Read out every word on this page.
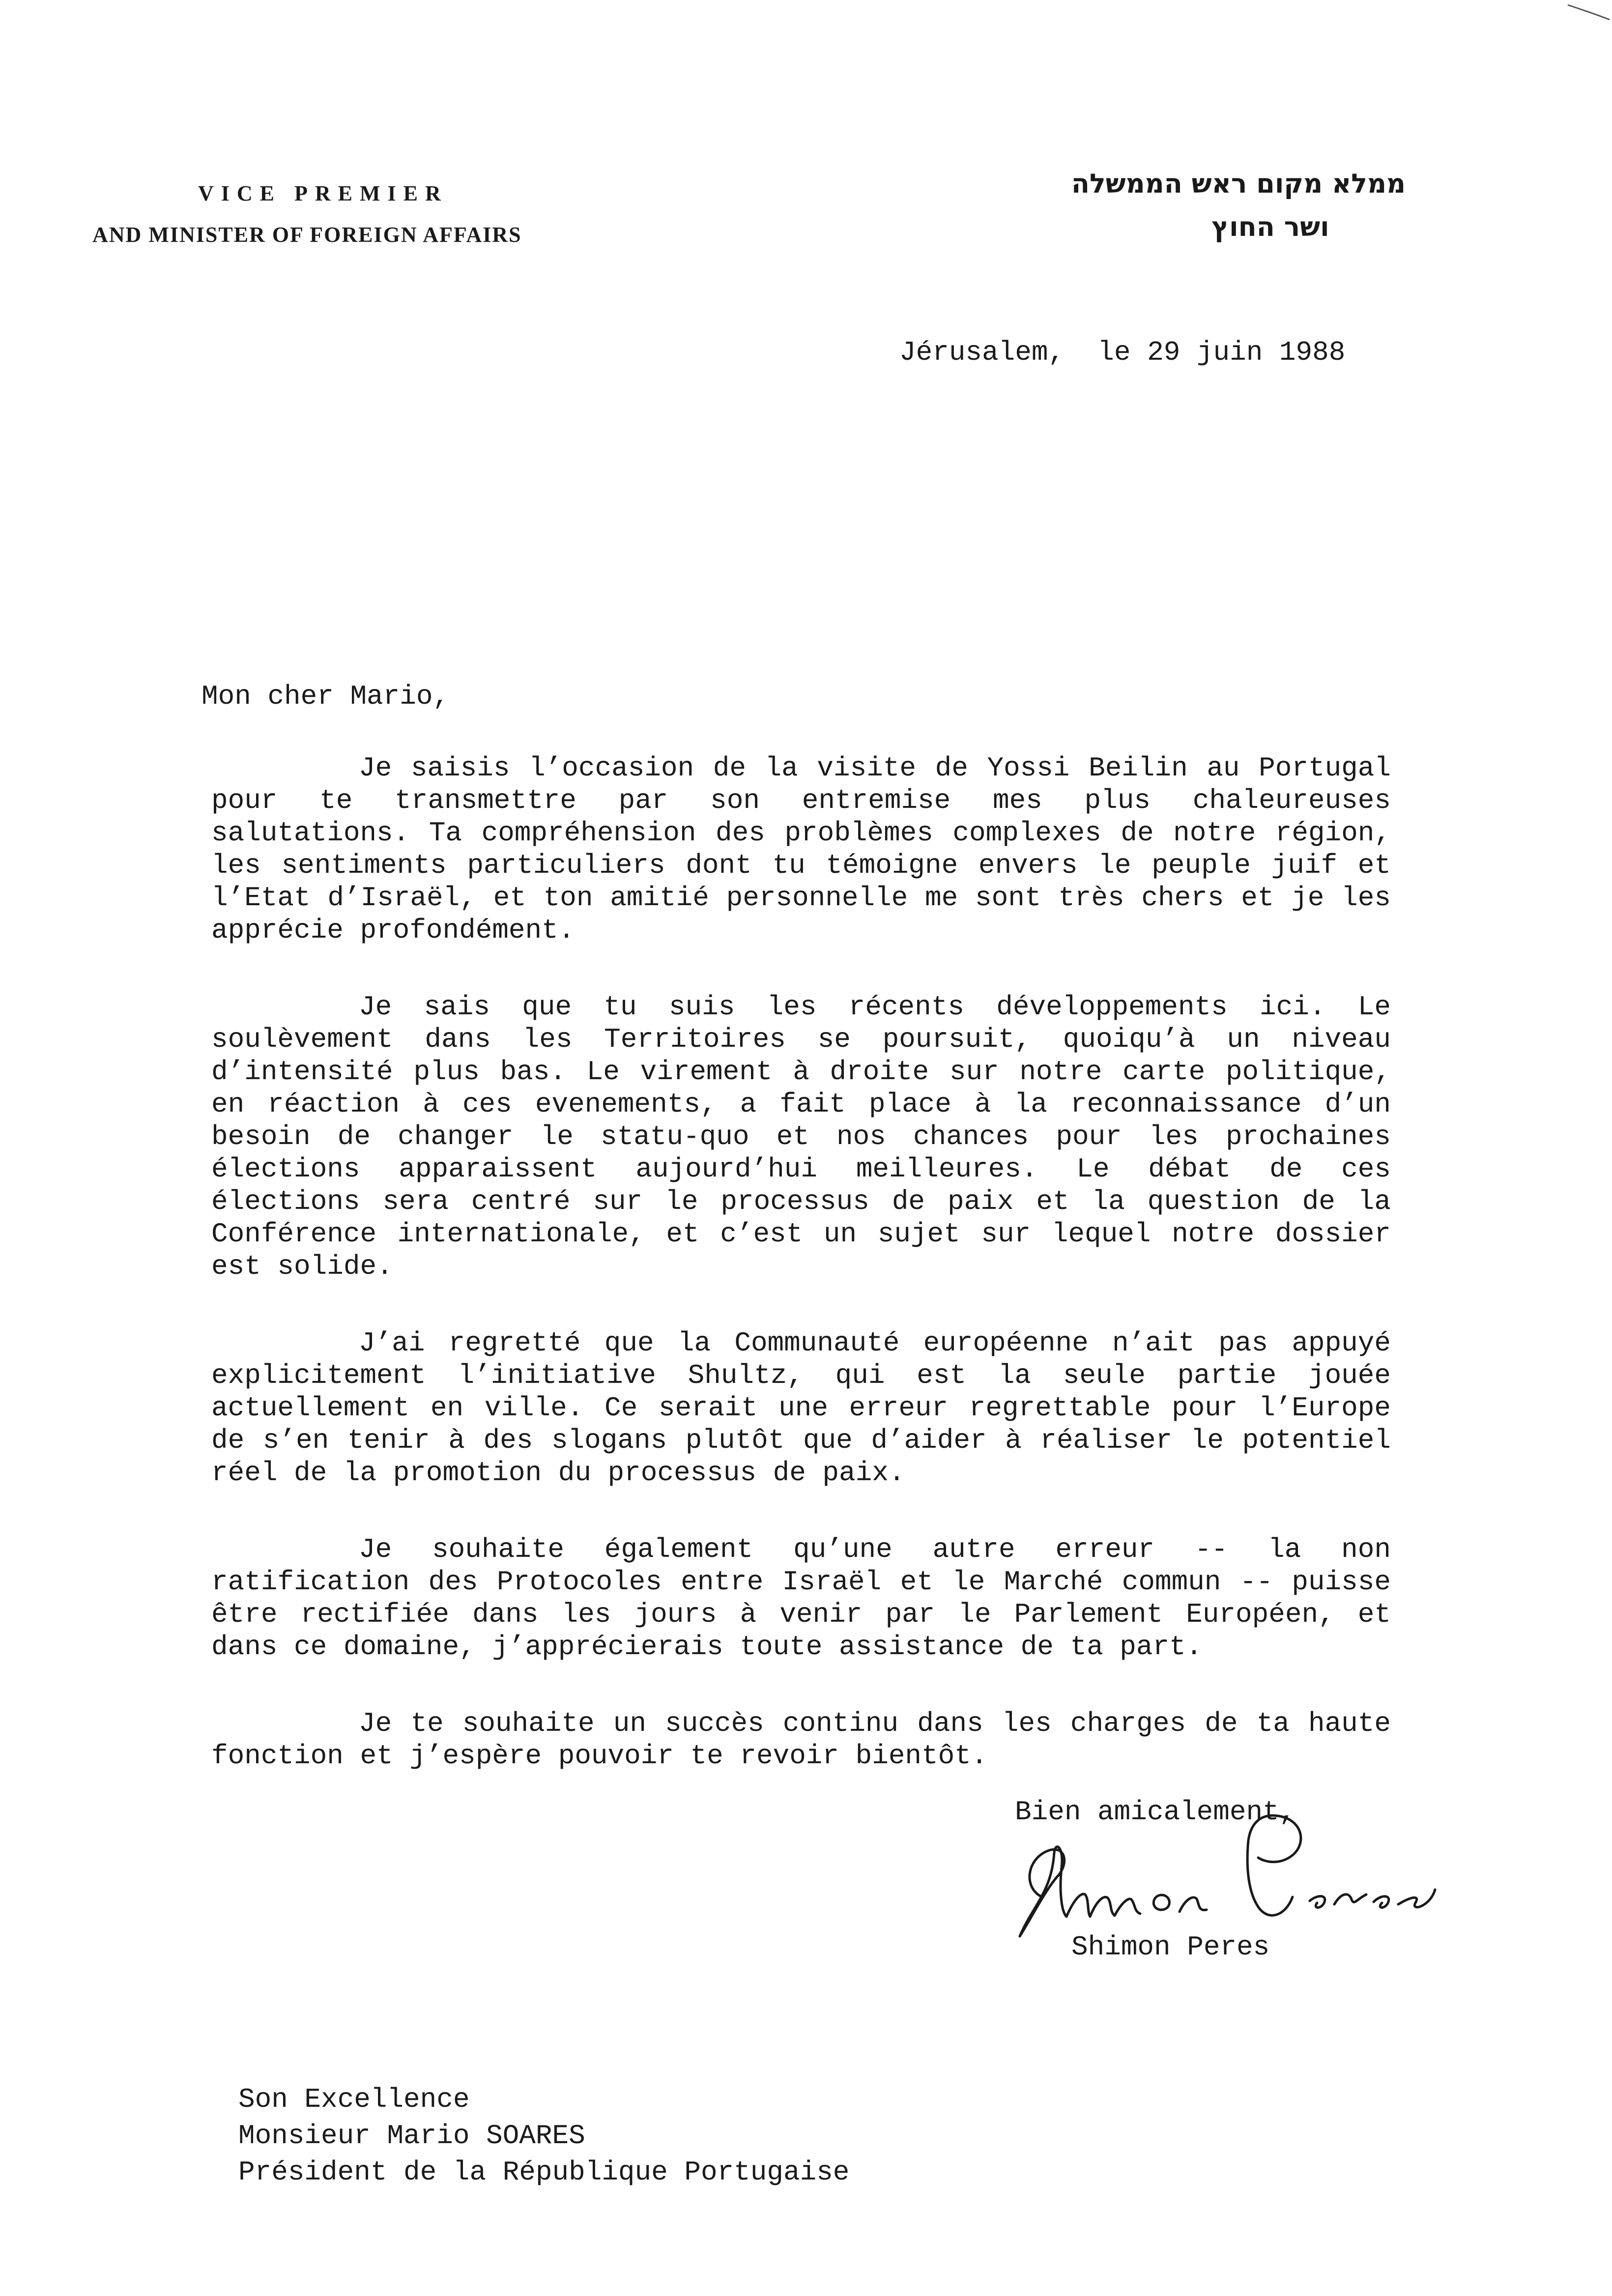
VICE PREMIER
AND MINISTER OF FOREIGN AFFAIRS
ממלא מקום ראש הממשלה
ושר החוץ
Jérusalem,  le 29 juin 1988
Mon cher Mario,

Je saisis l’occasion de la visite de Yossi Beilin au Portugal pour te transmettre par son entremise mes plus chaleureuses salutations. Ta compréhension des problèmes complexes de notre région, les sentiments particuliers dont tu témoigne envers le peuple juif et l’Etat d’Israël, et ton amitié personnelle me sont très chers et je les apprécie profondément.

Je sais que tu suis les récents développements ici. Le soulèvement dans les Territoires se poursuit, quoiqu’à un niveau d’intensité plus bas. Le virement à droite sur notre carte politique, en réaction à ces evenements, a fait place à la reconnaissance d’un besoin de changer le statu-quo et nos chances pour les prochaines élections apparaissent aujourd’hui meilleures. Le débat de ces élections sera centré sur le processus de paix et la question de la Conférence internationale, et c’est un sujet sur lequel notre dossier est solide.

J’ai regretté que la Communauté européenne n’ait pas appuyé explicitement l’initiative Shultz, qui est la seule partie jouée actuellement en ville. Ce serait une erreur regrettable pour l’Europe de s’en tenir à des slogans plutôt que d’aider à réaliser le potentiel réel de la promotion du processus de paix.

Je souhaite également qu’une autre erreur -- la non ratification des Protocoles entre Israël et le Marché commun -- puisse être rectifiée dans les jours à venir par le Parlement Européen, et dans ce domaine, j’apprécierais toute assistance de ta part.

Je te souhaite un succès continu dans les charges de ta haute fonction et j’espère pouvoir te revoir bientôt.

Bien amicalement,
Shimon Peres
Son Excellence
Monsieur Mario SOARES
Président de la République Portugaise
